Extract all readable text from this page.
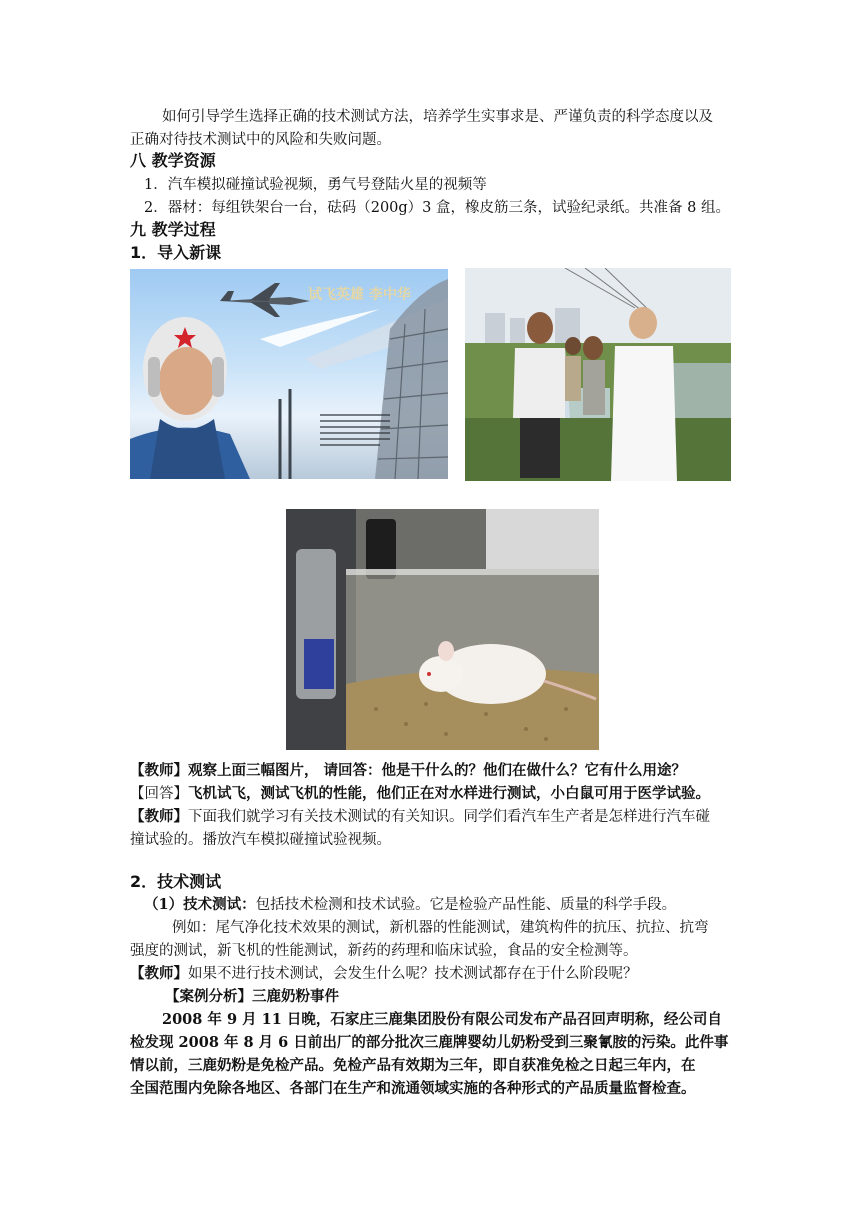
如何引导学生选择正确的技术测试方法，培养学生实事求是、严谨负责的科学态度以及
正确对待技术测试中的风险和失败问题。
八 教学资源
1．汽车模拟碰撞试验视频，勇气号登陆火星的视频等
2．器材：每组铁架台一台，砝码（200g）3 盒，橡皮筋三条，试验纪录纸。共准备 8 组。
九 教学过程
1．导入新课
试飞英雄 李中华
【教师】观察上面三幅图片， 请回答：他是干什么的？他们在做什么？它有什么用途？
【回答】飞机试飞，测试飞机的性能，他们正在对水样进行测试，小白鼠可用于医学试验。
【教师】下面我们就学习有关技术测试的有关知识。同学们看汽车生产者是怎样进行汽车碰
撞试验的。播放汽车模拟碰撞试验视频。
2．技术测试
（1）技术测试：包括技术检测和技术试验。它是检验产品性能、质量的科学手段。
例如：尾气净化技术效果的测试，新机器的性能测试，建筑构件的抗压、抗拉、抗弯
强度的测试，新飞机的性能测试，新药的药理和临床试验，食品的安全检测等。
【教师】如果不进行技术测试，会发生什么呢？技术测试都存在于什么阶段呢？
【案例分析】三鹿奶粉事件
2008 年 9 月 11 日晚，石家庄三鹿集团股份有限公司发布产品召回声明称，经公司自
检发现 2008 年 8 月 6 日前出厂的部分批次三鹿牌婴幼儿奶粉受到三聚氰胺的污染。此件事
情以前，三鹿奶粉是免检产品。免检产品有效期为三年，即自获准免检之日起三年内，在
全国范围内免除各地区、各部门在生产和流通领域实施的各种形式的产品质量监督检查。
